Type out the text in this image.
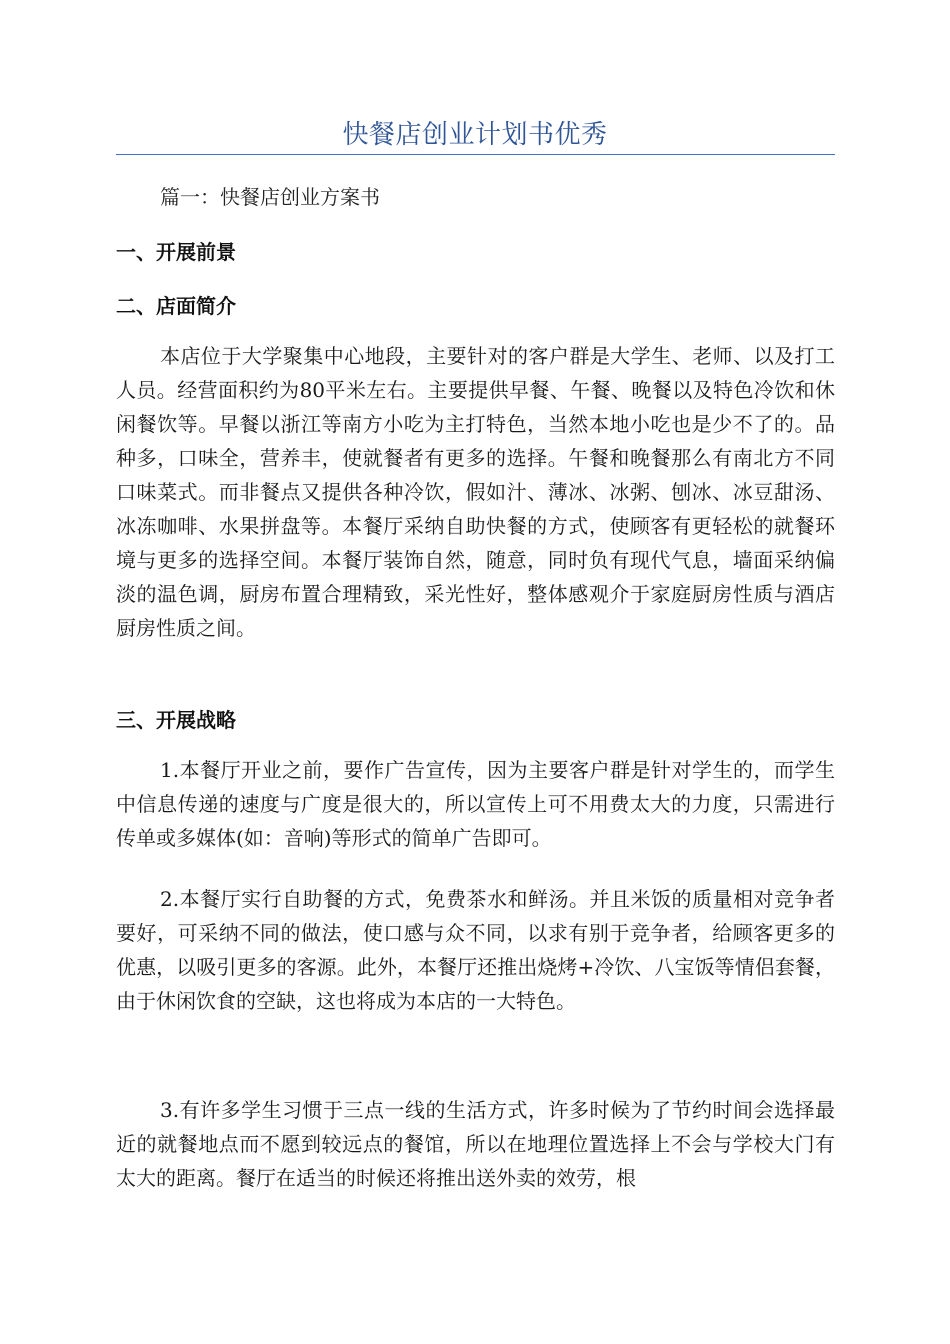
快餐店创业计划书优秀
篇一：快餐店创业方案书
一、开展前景
二、店面简介

本店位于大学聚集中心地段，主要针对的客户群是大学生、老师、以及打工人员。经营面积约为80平米左右。主要提供早餐、午餐、晚餐以及特色冷饮和休闲餐饮等。早餐以浙江等南方小吃为主打特色，当然本地小吃也是少不了的。品种多，口味全，营养丰，使就餐者有更多的选择。午餐和晚餐那么有南北方不同口味菜式。而非餐点又提供各种冷饮，假如汁、薄冰、冰粥、刨冰、冰豆甜汤、冰冻咖啡、水果拼盘等。本餐厅采纳自助快餐的方式，使顾客有更轻松的就餐环境与更多的选择空间。本餐厅装饰自然，随意，同时负有现代气息，墙面采纳偏淡的温色调，厨房布置合理精致，采光性好，整体感观介于家庭厨房性质与酒店厨房性质之间。

三、开展战略

1.本餐厅开业之前，要作广告宣传，因为主要客户群是针对学生的，而学生中信息传递的速度与广度是很大的，所以宣传上可不用费太大的力度，只需进行传单或多媒体(如：音响)等形式的简单广告即可。

2.本餐厅实行自助餐的方式，免费茶水和鲜汤。并且米饭的质量相对竞争者要好，可采纳不同的做法，使口感与众不同，以求有别于竞争者，给顾客更多的优惠，以吸引更多的客源。此外，本餐厅还推出烧烤+冷饮、八宝饭等情侣套餐，由于休闲饮食的空缺，这也将成为本店的一大特色。

3.有许多学生习惯于三点一线的生活方式，许多时候为了节约时间会选择最近的就餐地点而不愿到较远点的餐馆，所以在地理位置选择上不会与学校大门有太大的距离。餐厅在适当的时候还将推出送外卖的效劳，根
